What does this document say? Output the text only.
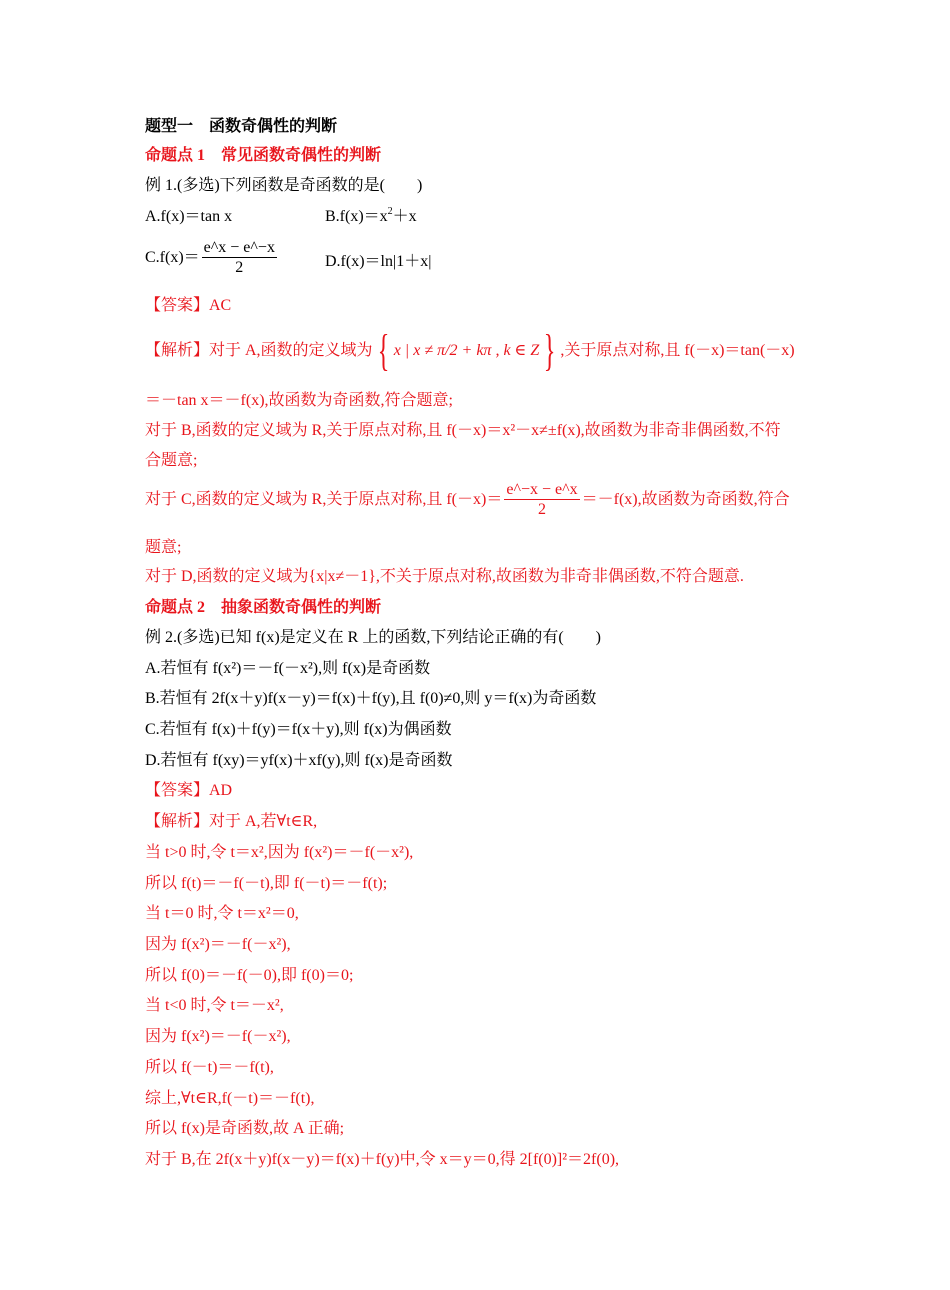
题型一　函数奇偶性的判断
命题点 1　常见函数奇偶性的判断
例 1.(多选)下列函数是奇函数的是(　　)
A.f(x)＝tan x	$B.f(x)=x^2+x$
$C.f(x)= \frac{e\^{}x - e\^{}-x}{2}$	D.f(x)＝ln|1＋x|
【答案】AC
【解析】对于 A,函数的定义域为 { x | x ≠ π/2 + kπ , k ∈ Z } ,关于原点对称,且 f(－x)＝tan(－x)
＝－tan x＝－f(x),故函数为奇函数,符合题意;
对于 B,函数的定义域为 R,关于原点对称,且 f(－x)＝x²－x≠±f(x),故函数为非奇非偶函数,不符
合题意;
对于 C,函数的定义域为 R,关于原点对称,且 $f(-x)= \frac{e\^{}-x - e\^{}x}{2} =-f(x)$,故函数为奇函数,符合
题意;
对于 D,函数的定义域为{x|x≠－1},不关于原点对称,故函数为非奇非偶函数,不符合题意.
命题点 2　抽象函数奇偶性的判断
例 2.(多选)已知 f(x)是定义在 R 上的函数,下列结论正确的有(　　)
A.若恒有 f(x²)＝－f(－x²),则 f(x)是奇函数
B.若恒有 2f(x＋y)f(x－y)＝f(x)＋f(y),且 f(0)≠0,则 y＝f(x)为奇函数
C.若恒有 f(x)＋f(y)＝f(x＋y),则 f(x)为偶函数
D.若恒有 f(xy)＝yf(x)＋xf(y),则 f(x)是奇函数
【答案】AD
【解析】对于 A,若∀t∈R,
当 t>0 时,令 t＝x²,因为 f(x²)＝－f(－x²),
所以 f(t)＝－f(－t),即 f(－t)＝－f(t);
当 t＝0 时,令 t＝x²＝0,
因为 f(x²)＝－f(－x²),
所以 f(0)＝－f(－0),即 f(0)＝0;
当 t<0 时,令 t＝－x²,
因为 f(x²)＝－f(－x²),
所以 f(－t)＝－f(t),
综上,∀t∈R,f(－t)＝－f(t),
所以 f(x)是奇函数,故 A 正确;
对于 B,在 2f(x＋y)f(x－y)＝f(x)＋f(y)中,令 x＝y＝0,得 2[f(0)]²＝2f(0),
